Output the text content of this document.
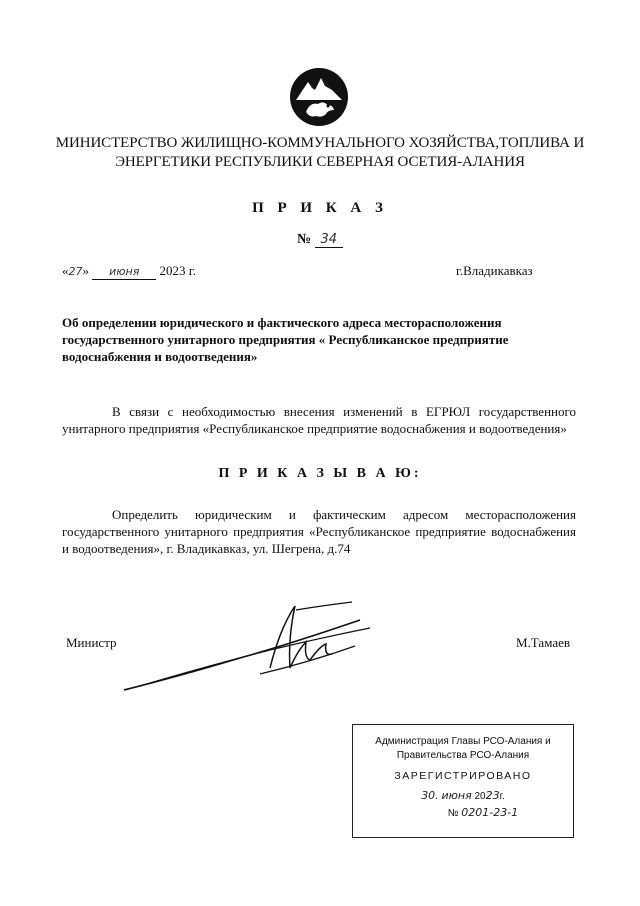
МИНИСТЕРСТВО ЖИЛИЩНО-КОММУНАЛЬНОГО ХОЗЯЙСТВА,ТОПЛИВА И
ЭНЕРГЕТИКИ РЕСПУБЛИКИ СЕВЕРНАЯ ОСЕТИЯ-АЛАНИЯ
П Р И К А З
№ 34
«27» июня 2023 г.	г.Владикавказ
Об определении юридического и фактического адреса месторасположения государственного унитарного предприятия « Республиканское предприятие водоснабжения и водоотведения»
В связи с необходимостью внесения изменений в ЕГРЮЛ государственного унитарного предприятия «Республиканское предприятие водоснабжения и водоотведения»
П Р И К А З Ы В А Ю:
Определить юридическим и фактическим адресом месторасположения государственного унитарного предприятия «Республиканское предприятие водоснабжения и водоотведения», г. Владикавказ, ул. Шегрена, д.74
Министр	М.Тамаев
Администрация Главы РСО-Алания и
Правительства РСО-Алания
ЗАРЕГИСТРИРОВАНО
30. июня 2023г.
№ 0201-23-1
